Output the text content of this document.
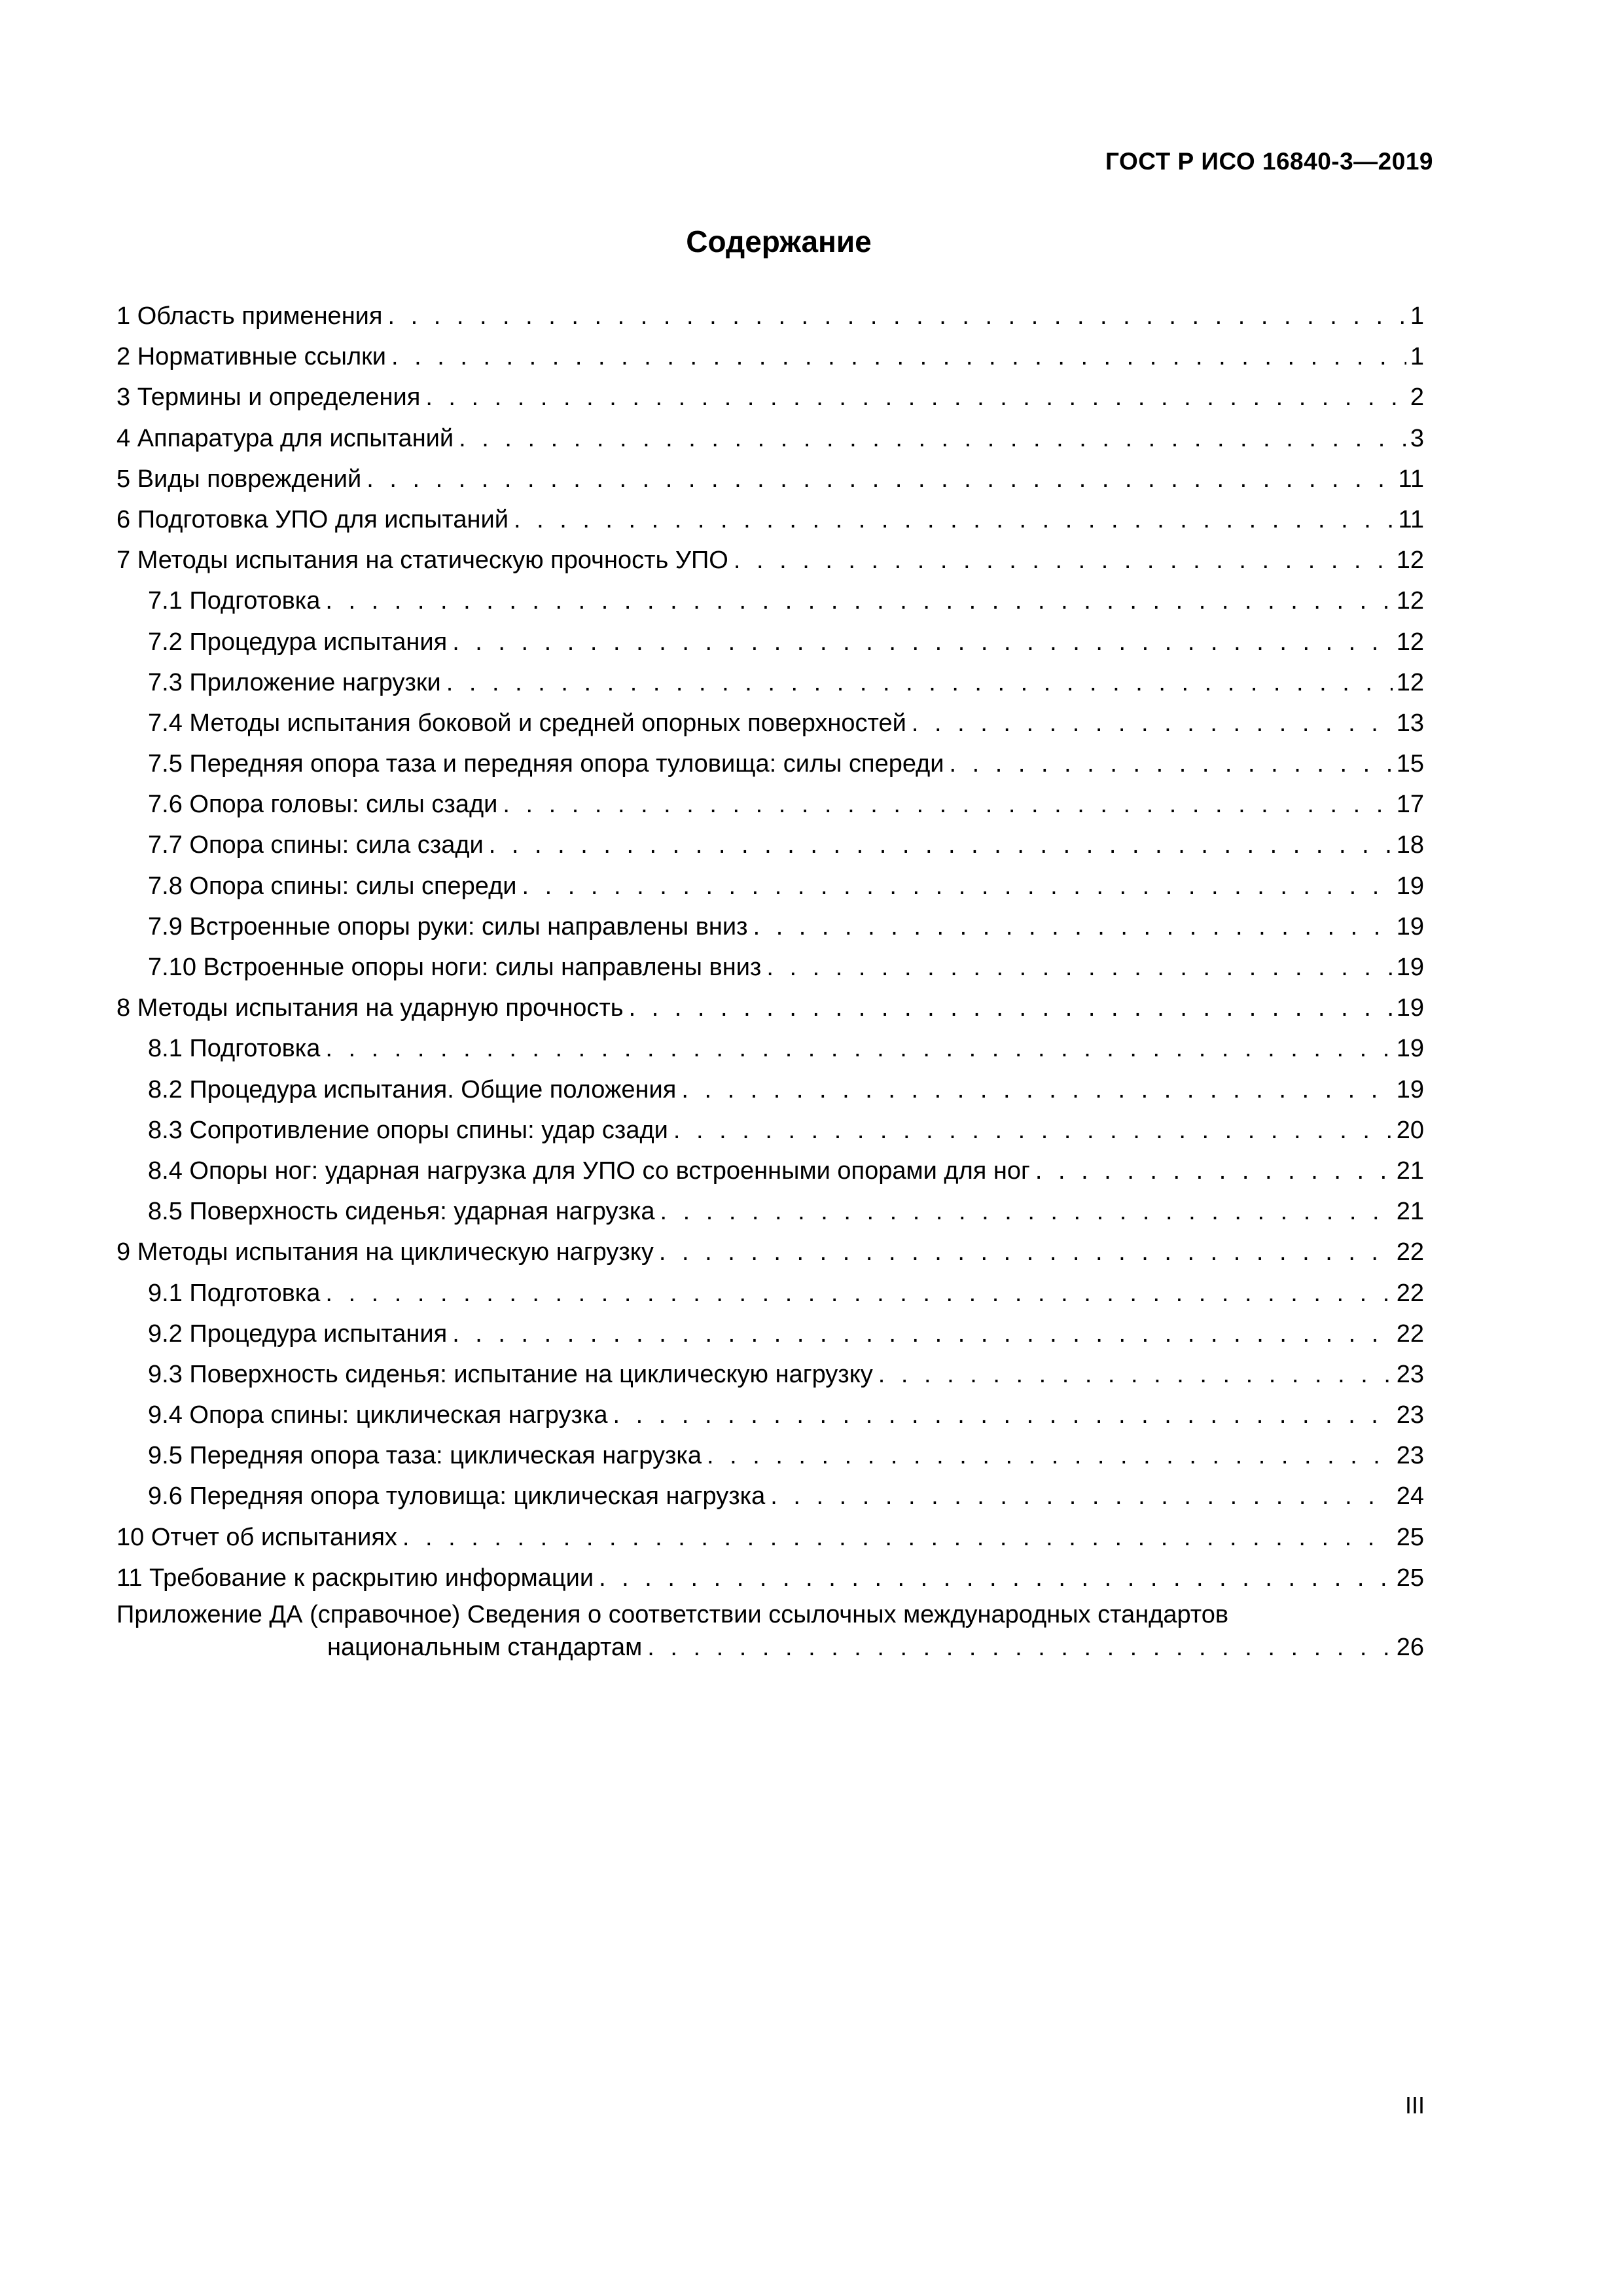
ГОСТ Р ИСО 16840-3—2019
Содержание
1 Область применения . . .	1
2 Нормативные ссылки . . .	1
3 Термины и определения . . .	2
4 Аппаратура для испытаний . . .	3
5 Виды повреждений . . .	11
6 Подготовка УПО для испытаний . . .	11
7 Методы испытания на статическую прочность УПО . . .	12
7.1 Подготовка . . .	12
7.2 Процедура испытания . . .	12
7.3 Приложение нагрузки . . .	12
7.4 Методы испытания боковой и средней опорных поверхностей . . .	13
7.5 Передняя опора таза и передняя опора туловища: силы спереди . . .	15
7.6 Опора головы: силы сзади . . .	17
7.7 Опора спины: сила сзади . . .	18
7.8 Опора спины: силы спереди . . .	19
7.9 Встроенные опоры руки: силы направлены вниз . . .	19
7.10 Встроенные опоры ноги: силы направлены вниз . . .	19
8 Методы испытания на ударную прочность . . .	19
8.1 Подготовка . . .	19
8.2 Процедура испытания. Общие положения . . .	19
8.3 Сопротивление опоры спины: удар сзади . . .	20
8.4 Опоры ног: ударная нагрузка для УПО со встроенными опорами для ног . . .	21
8.5 Поверхность сиденья: ударная нагрузка . . .	21
9 Методы испытания на циклическую нагрузку . . .	22
9.1 Подготовка . . .	22
9.2 Процедура испытания . . .	22
9.3 Поверхность сиденья: испытание на циклическую нагрузку . . .	23
9.4 Опора спины: циклическая нагрузка . . .	23
9.5 Передняя опора таза: циклическая нагрузка . . .	23
9.6 Передняя опора туловища: циклическая нагрузка . . .	24
10 Отчет об испытаниях . . .	25
11 Требование к раскрытию информации . . .	25
Приложение ДА (справочное) Сведения о соответствии ссылочных международных стандартов
национальным стандартам . . .	26
III
